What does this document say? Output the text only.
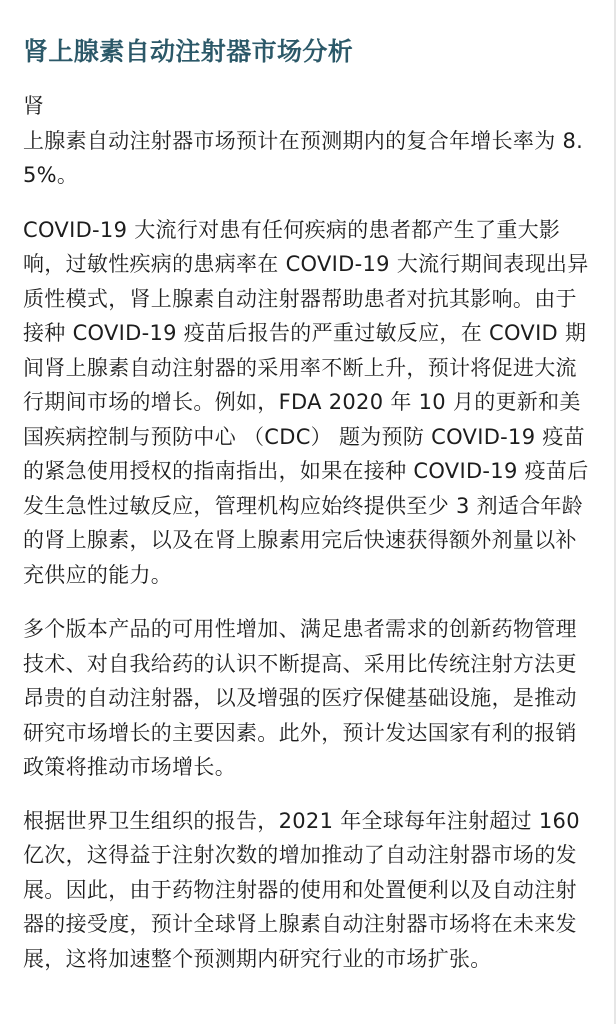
肾上腺素自动注射器市场分析

肾
上腺素自动注射器市场预计在预测期内的复合年增长率为 8.5%。

COVID-19 大流行对患有任何疾病的患者都产生了重大影响，过敏性疾病的患病率在 COVID-19 大流行期间表现出异质性模式，肾上腺素自动注射器帮助患者对抗其影响。由于接种 COVID-19 疫苗后报告的严重过敏反应，在 COVID 期间肾上腺素自动注射器的采用率不断上升，预计将促进大流行期间市场的增长。例如，FDA 2020 年 10 月的更新和美国疾病控制与预防中心 （CDC） 题为预防 COVID-19 疫苗的紧急使用授权的指南指出，如果在接种 COVID-19 疫苗后发生急性过敏反应，管理机构应始终提供至少 3 剂适合年龄的肾上腺素，以及在肾上腺素用完后快速获得额外剂量以补充供应的能力。

多个版本产品的可用性增加、满足患者需求的创新药物管理技术、对自我给药的认识不断提高、采用比传统注射方法更昂贵的自动注射器，以及增强的医疗保健基础设施，是推动研究市场增长的主要因素。此外，预计发达国家有利的报销政策将推动市场增长。

根据世界卫生组织的报告，2021 年全球每年注射超过 160 亿次，这得益于注射次数的增加推动了自动注射器市场的发展。因此，由于药物注射器的使用和处置便利以及自动注射器的接受度，预计全球肾上腺素自动注射器市场将在未来发展，这将加速整个预测期内研究行业的市场扩张。
